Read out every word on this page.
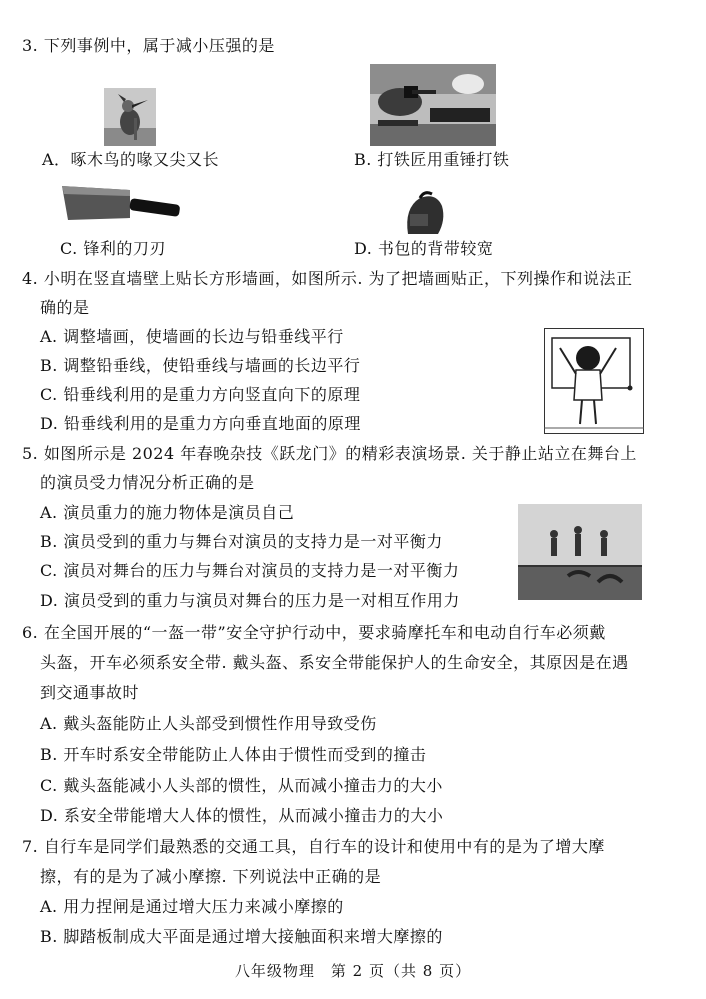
3. 下列事例中，属于减小压强的是
A．啄木鸟的喙又尖又长	B. 打铁匠用重锤打铁
C. 锋利的刀刃	D. 书包的背带较宽
4. 小明在竖直墙壁上贴长方形墙画，如图所示. 为了把墙画贴正，下列操作和说法正
确的是
A. 调整墙画，使墙画的长边与铅垂线平行
B. 调整铅垂线，使铅垂线与墙画的长边平行
C. 铅垂线利用的是重力方向竖直向下的原理
D. 铅垂线利用的是重力方向垂直地面的原理
5. 如图所示是 2024 年春晚杂技《跃龙门》的精彩表演场景. 关于静止站立在舞台上
的演员受力情况分析正确的是
A. 演员重力的施力物体是演员自己
B. 演员受到的重力与舞台对演员的支持力是一对平衡力
C. 演员对舞台的压力与舞台对演员的支持力是一对平衡力
D. 演员受到的重力与演员对舞台的压力是一对相互作用力
6. 在全国开展的“一盔一带”安全守护行动中，要求骑摩托车和电动自行车必须戴
头盔，开车必须系安全带. 戴头盔、系安全带能保护人的生命安全，其原因是在遇
到交通事故时
A. 戴头盔能防止人头部受到惯性作用导致受伤
B. 开车时系安全带能防止人体由于惯性而受到的撞击
C. 戴头盔能减小人头部的惯性，从而减小撞击力的大小
D. 系安全带能增大人体的惯性，从而减小撞击力的大小
7. 自行车是同学们最熟悉的交通工具，自行车的设计和使用中有的是为了增大摩
擦，有的是为了减小摩擦. 下列说法中正确的是
A. 用力捏闸是通过增大压力来减小摩擦的
B. 脚踏板制成大平面是通过增大接触面积来增大摩擦的
八年级物理　第 2 页（共 8 页）
